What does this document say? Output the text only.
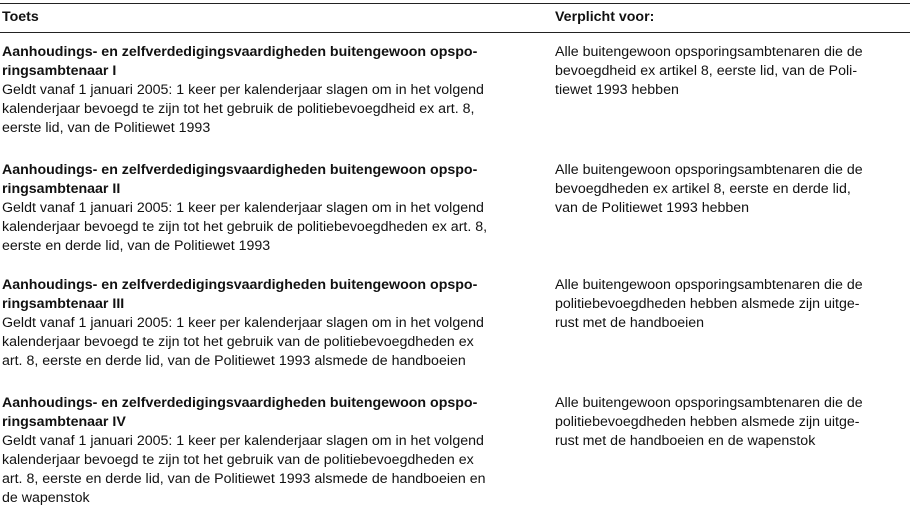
Toets	Verplicht voor:
Aanhoudings- en zelfverdedigingsvaardigheden buitengewoon opspo-
ringsambtenaar I
Geldt vanaf 1 januari 2005: 1 keer per kalenderjaar slagen om in het volgend
kalenderjaar bevoegd te zijn tot het gebruik de politiebevoegdheid ex art. 8,
eerste lid, van de Politiewet 1993
Alle buitengewoon opsporingsambtenaren die de
bevoegdheid ex artikel 8, eerste lid, van de Poli-
tiewet 1993 hebben
Aanhoudings- en zelfverdedigingsvaardigheden buitengewoon opspo-
ringsambtenaar II
Geldt vanaf 1 januari 2005: 1 keer per kalenderjaar slagen om in het volgend
kalenderjaar bevoegd te zijn tot het gebruik de politiebevoegdheden ex art. 8,
eerste en derde lid, van de Politiewet 1993
Alle buitengewoon opsporingsambtenaren die de
bevoegdheden ex artikel 8, eerste en derde lid,
van de Politiewet 1993 hebben
Aanhoudings- en zelfverdedigingsvaardigheden buitengewoon opspo-
ringsambtenaar III
Geldt vanaf 1 januari 2005: 1 keer per kalenderjaar slagen om in het volgend
kalenderjaar bevoegd te zijn tot het gebruik van de politiebevoegdheden ex
art. 8, eerste en derde lid, van de Politiewet 1993 alsmede de handboeien
Alle buitengewoon opsporingsambtenaren die de
politiebevoegdheden hebben alsmede zijn uitge-
rust met de handboeien
Aanhoudings- en zelfverdedigingsvaardigheden buitengewoon opspo-
ringsambtenaar IV
Geldt vanaf 1 januari 2005: 1 keer per kalenderjaar slagen om in het volgend
kalenderjaar bevoegd te zijn tot het gebruik van de politiebevoegdheden ex
art. 8, eerste en derde lid, van de Politiewet 1993 alsmede de handboeien en
de wapenstok
Alle buitengewoon opsporingsambtenaren die de
politiebevoegdheden hebben alsmede zijn uitge-
rust met de handboeien en de wapenstok
